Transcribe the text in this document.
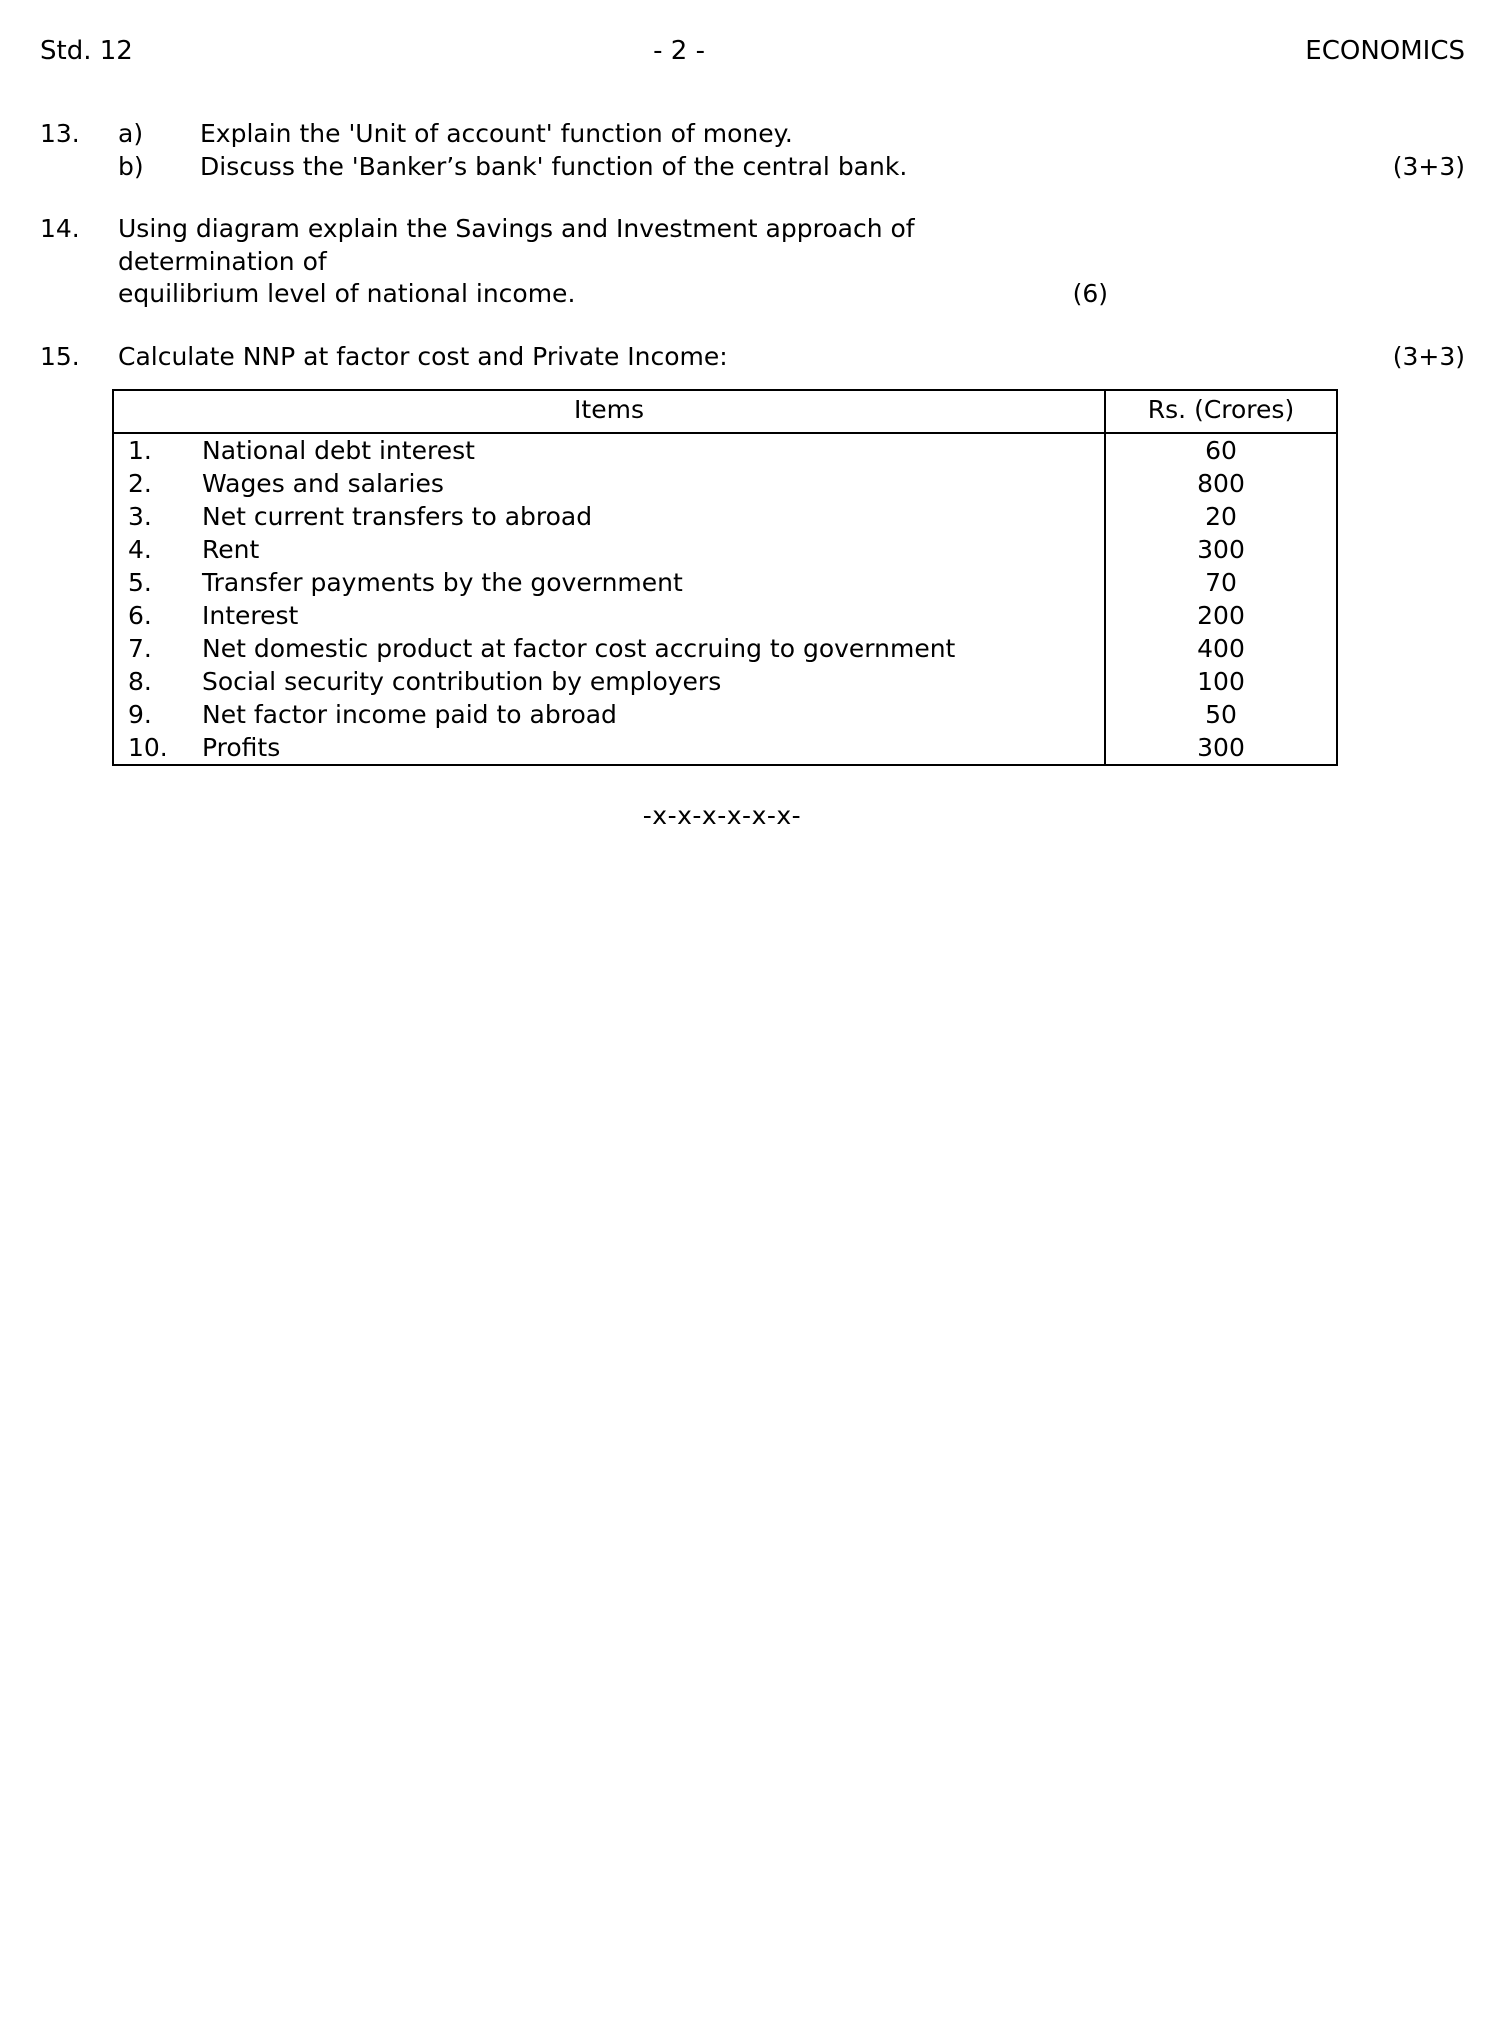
Std. 12	- 2 -	ECONOMICS
13.	a)	Explain the 'Unit of account' function of money.
b)	Discuss the 'Banker’s bank' function of the central bank.	(3+3)
14.	Using diagram explain the Savings and Investment approach of determination of
equilibrium level of national income.	(6)
15.	Calculate NNP at factor cost and Private Income:	(3+3)
Items	Rs. (Crores)

1. National debt interest	60

2. Wages and salaries	800

3. Net current transfers to abroad	20

4. Rent	300

5. Transfer payments by the government	70

6. Interest	200

7. Net domestic product at factor cost accruing to government	400

8. Social security contribution by employers	100

9. Net factor income paid to abroad	50

10. Profits	300
-x-x-x-x-x-x-
